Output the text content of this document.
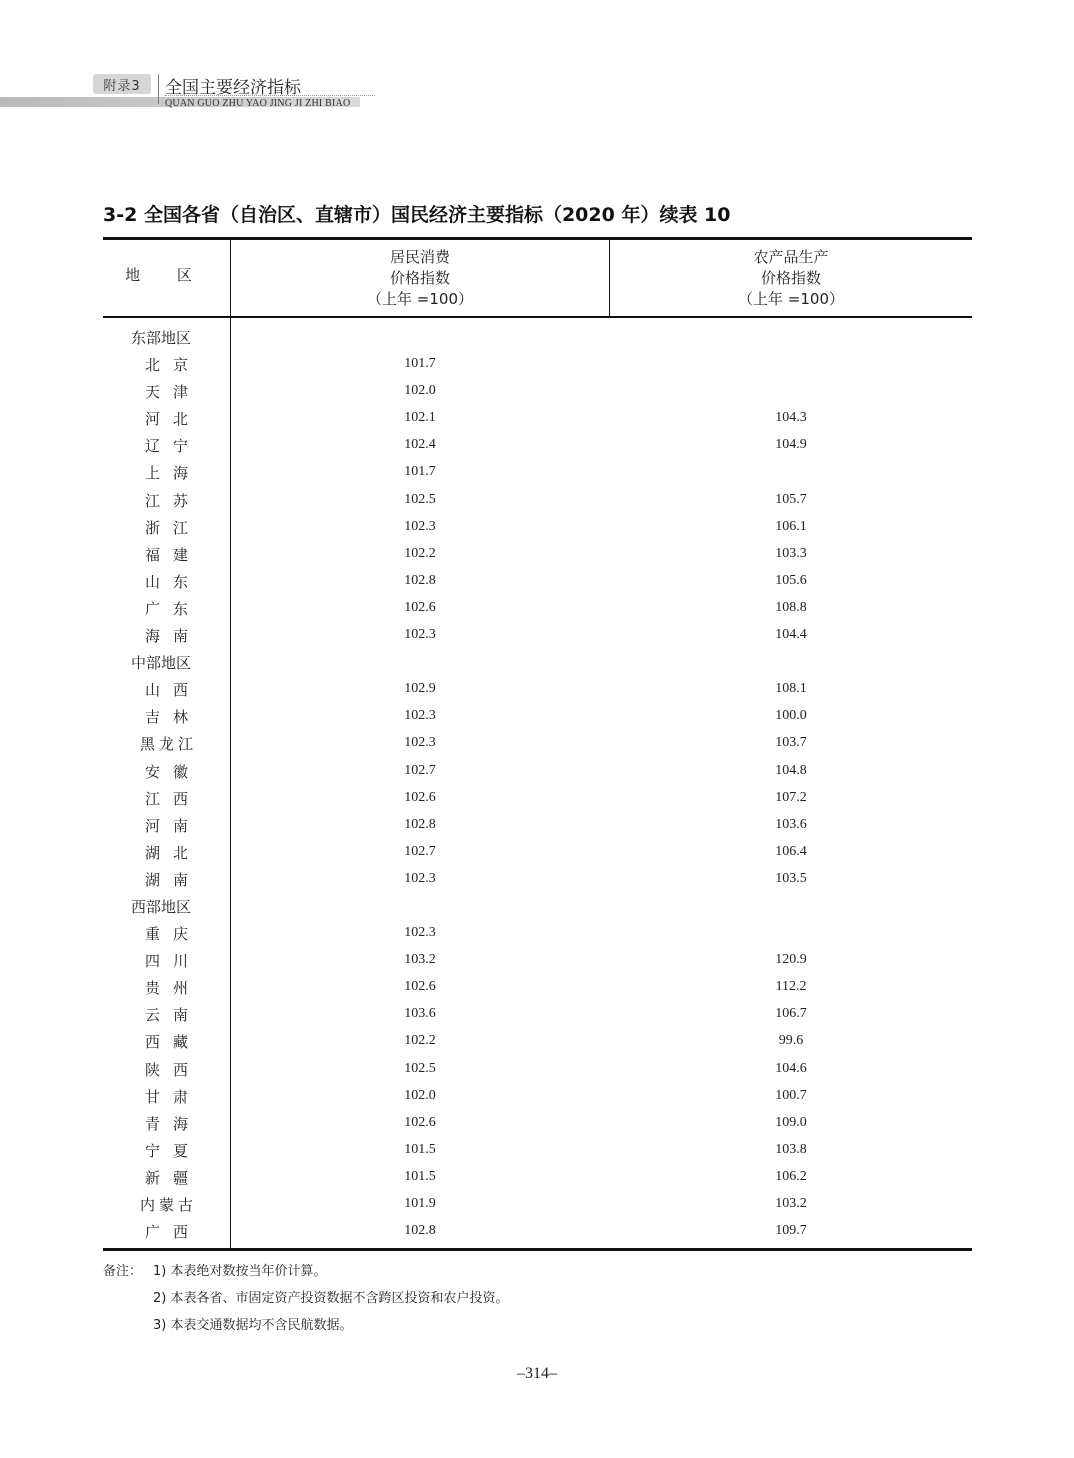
附录3	全国主要经济指标
QUAN GUO ZHU YAO JING JI ZHI BIAO
3-2 全国各省（自治区、直辖市）国民经济主要指标（2020 年）续表 10
地 区
居民消费
价格指数
（上年 =100）
农产品生产
价格指数
（上年 =100）
东部地区
北京	101.7
天津	102.0
河北	102.1	104.3
辽宁	102.4	104.9
上海	101.7
江苏	102.5	105.7
浙江	102.3	106.1
福建	102.2	103.3
山东	102.8	105.6
广东	102.6	108.8
海南	102.3	104.4
中部地区
山西	102.9	108.1
吉林	102.3	100.0
黑龙江	102.3	103.7
安徽	102.7	104.8
江西	102.6	107.2
河南	102.8	103.6
湖北	102.7	106.4
湖南	102.3	103.5
西部地区
重庆	102.3
四川	103.2	120.9
贵州	102.6	112.2
云南	103.6	106.7
西藏	102.2	99.6
陕西	102.5	104.6
甘肃	102.0	100.7
青海	102.6	109.0
宁夏	101.5	103.8
新疆	101.5	106.2
内蒙古	101.9	103.2
广西	102.8	109.7
备注： 1) 本表绝对数按当年价计算。
2) 本表各省、市固定资产投资数据不含跨区投资和农户投资。
3) 本表交通数据均不含民航数据。
–314–
